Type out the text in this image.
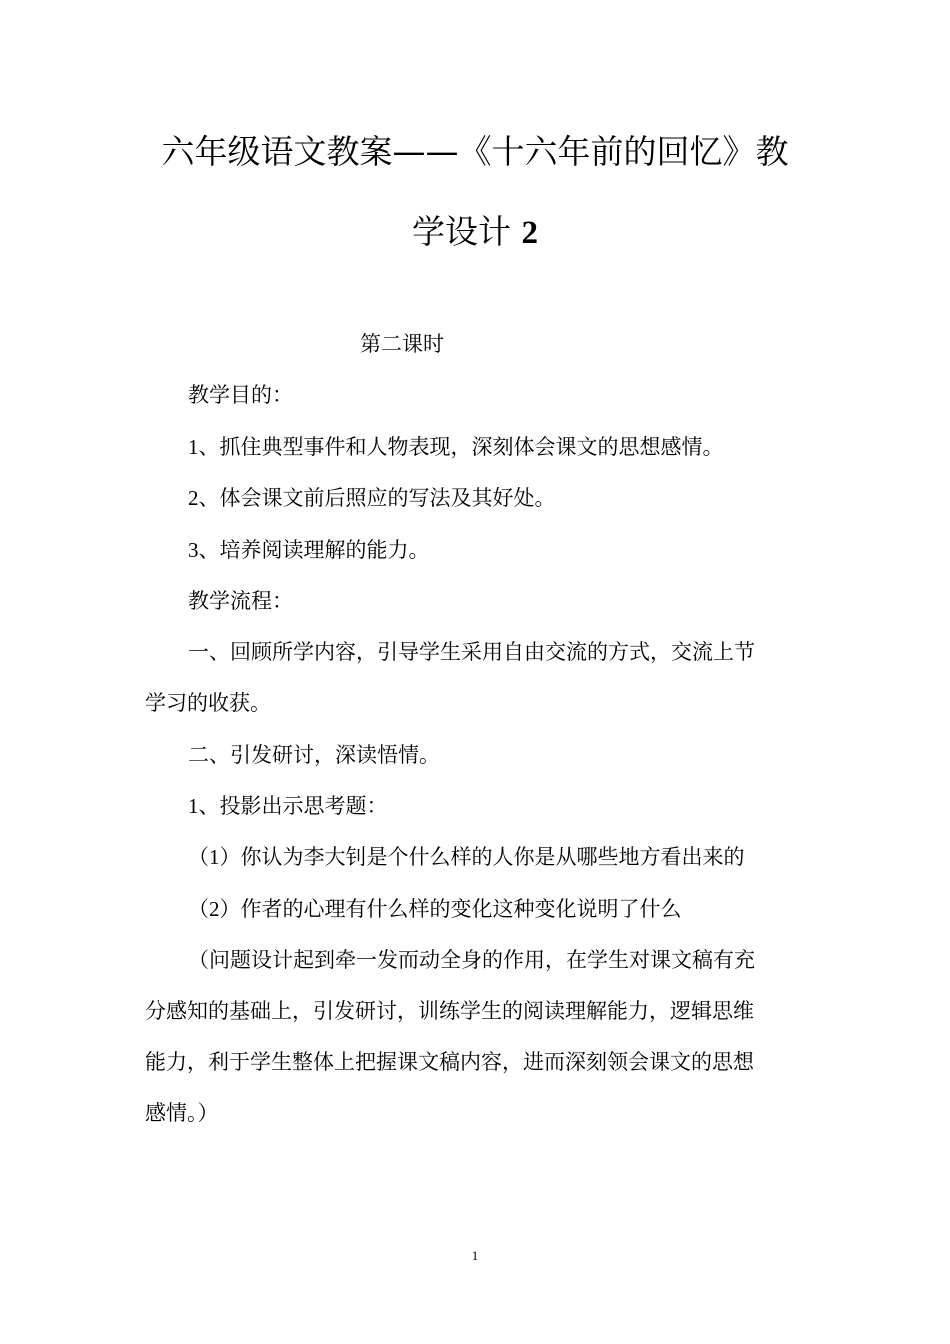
六年级语文教案——《十六年前的回忆》教
学设计 2
第二课时
教学目的：
1、抓住典型事件和人物表现，深刻体会课文的思想感情。
2、体会课文前后照应的写法及其好处。
3、培养阅读理解的能力。
教学流程：
一、回顾所学内容，引导学生采用自由交流的方式，交流上节
学习的收获。
二、引发研讨，深读悟情。
1、投影出示思考题：
（1）你认为李大钊是个什么样的人你是从哪些地方看出来的
（2）作者的心理有什么样的变化这种变化说明了什么
（问题设计起到牵一发而动全身的作用，在学生对课文稿有充
分感知的基础上，引发研讨，训练学生的阅读理解能力，逻辑思维
能力，利于学生整体上把握课文稿内容，进而深刻领会课文的思想
感情。）
1
